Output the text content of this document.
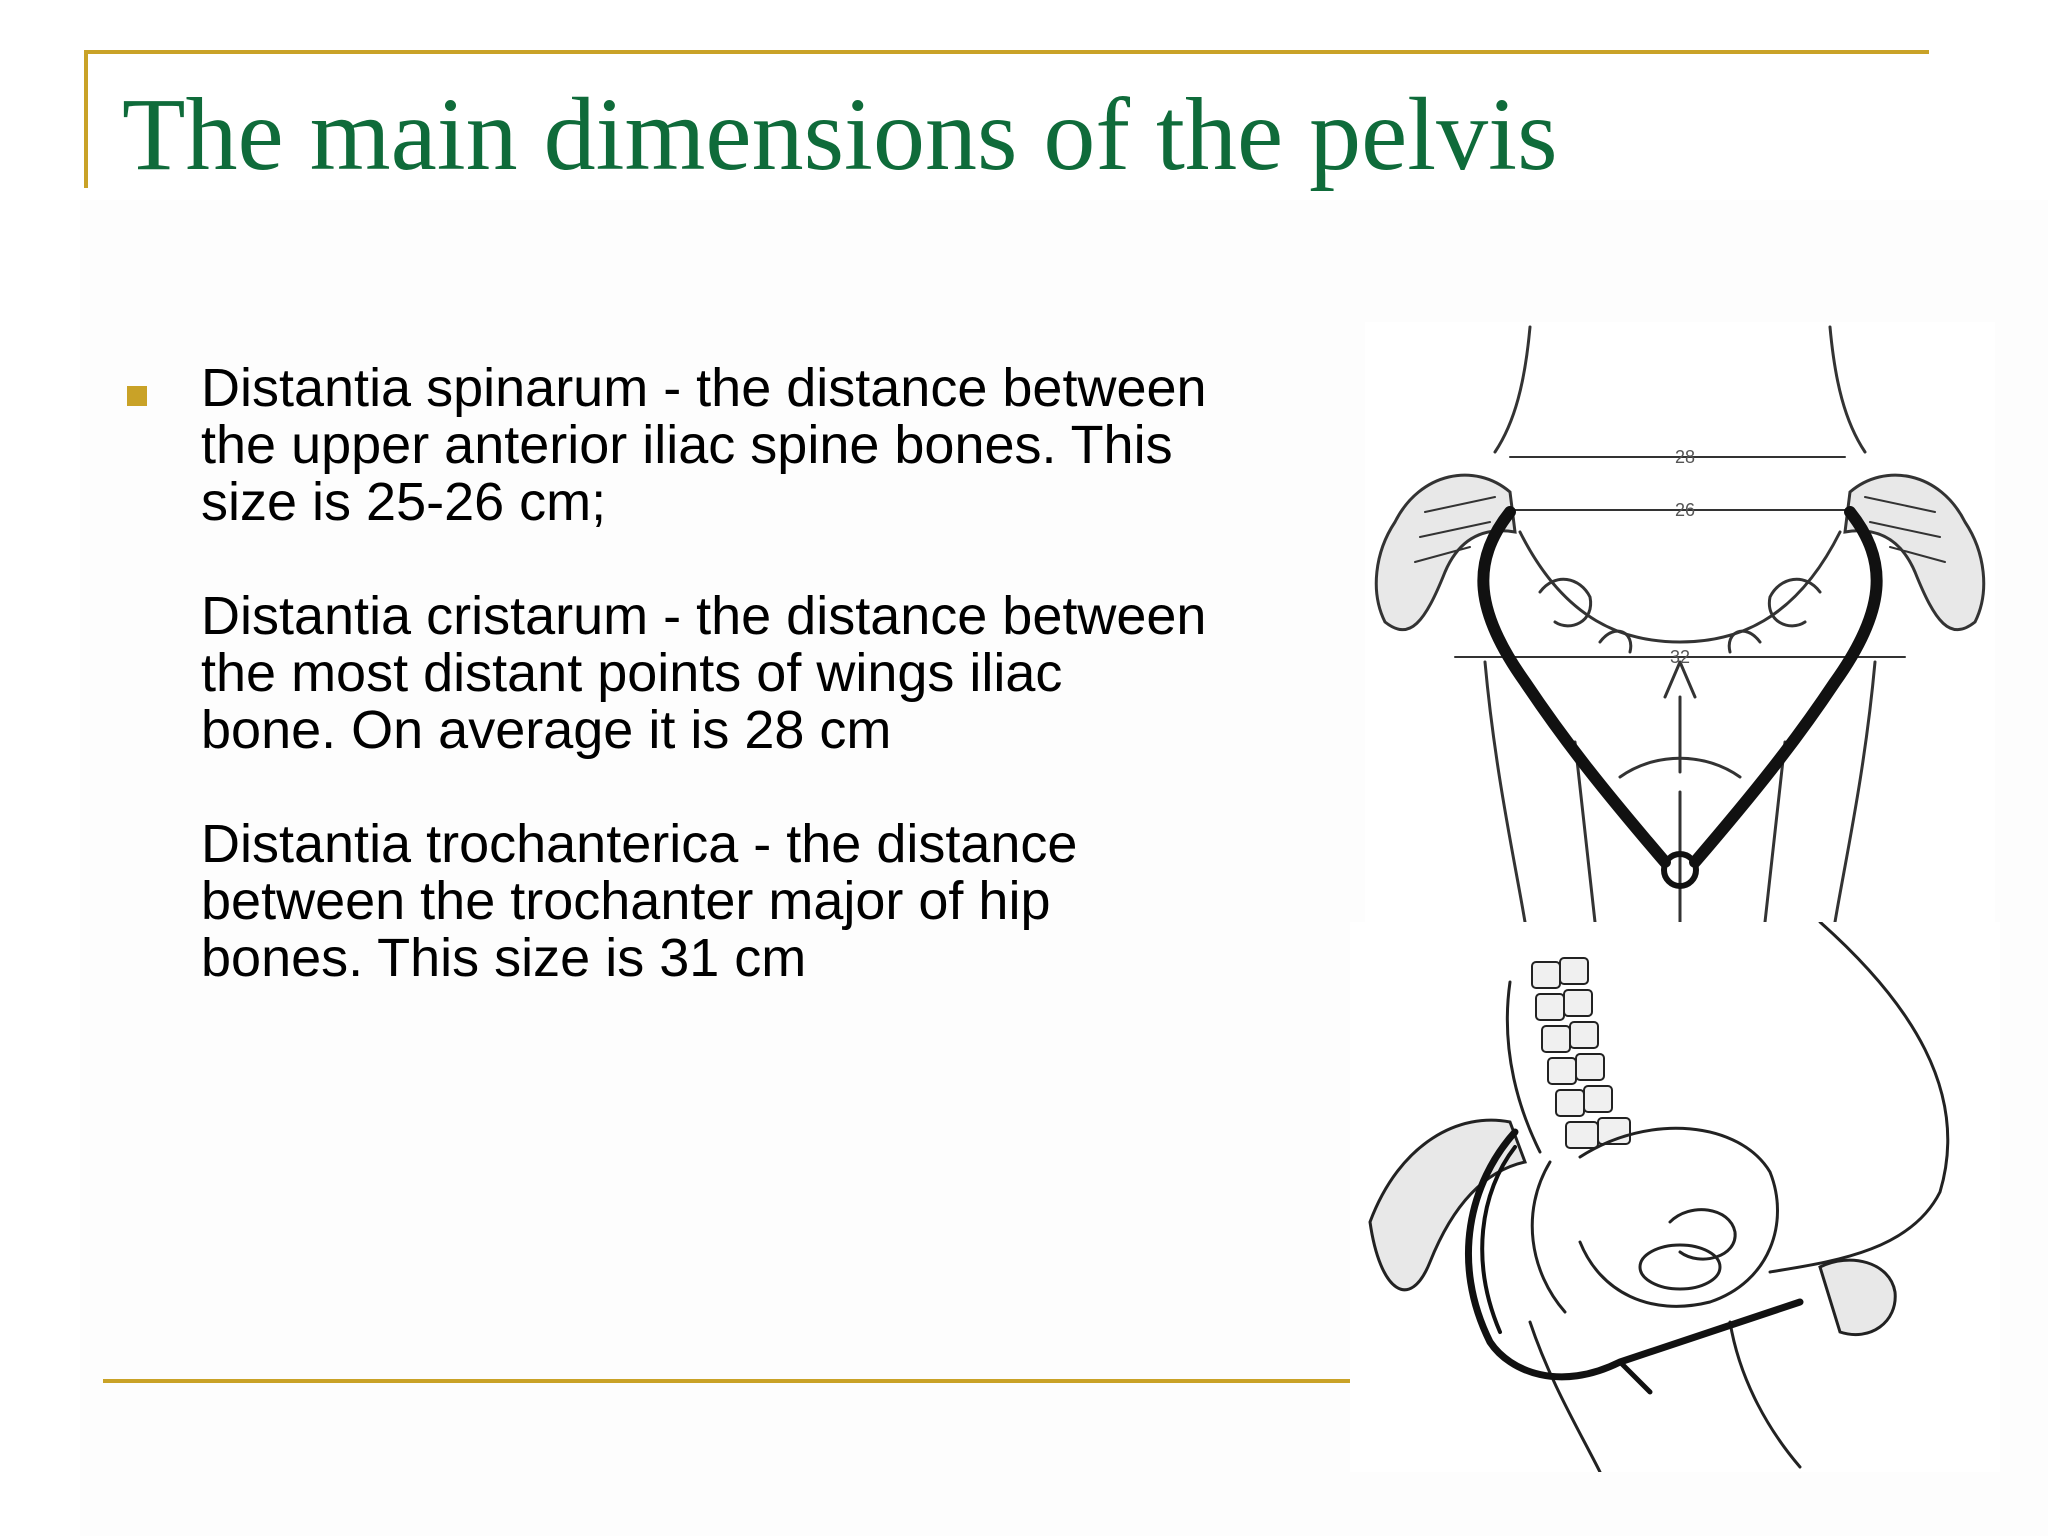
The main dimensions of the pelvis

Distantia spinarum - the distance between
the upper anterior iliac spine bones. This
size is 25-26 cm;

Distantia cristarum - the distance between
the most distant points of wings iliac
bone. On average it is 28 cm

Distantia trochanterica - the distance
between the trochanter major of hip
bones. This size is 31 cm

28
26
32
